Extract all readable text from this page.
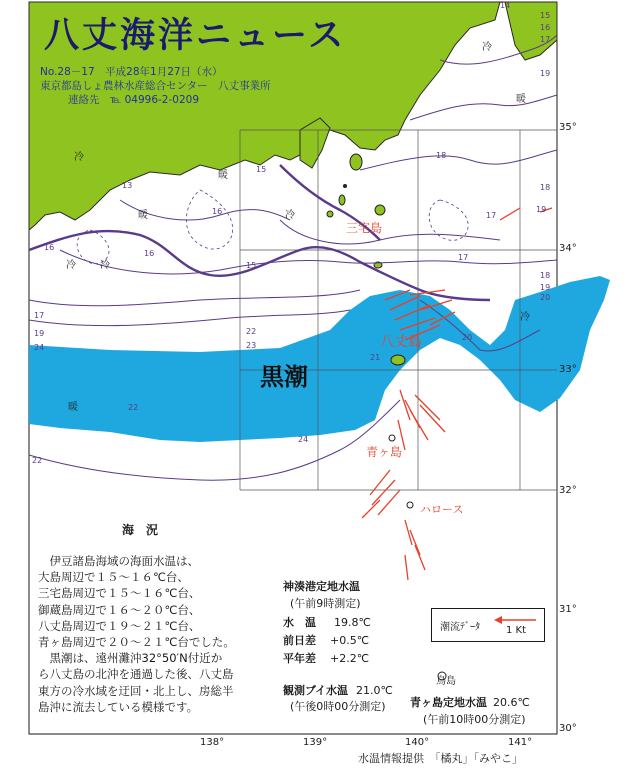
黒潮
三宅島
八丈島
青ヶ島
ハロース
鳥島
冷 冷
冷
冷
冷
冷
暖
暖
暖
暖
15
16
17
19
18
19
18
19
20
17
20
18
17
21
22
22
24
22
23
17
19
24
16
16
13
15
15
16
14
八丈海洋ニュース
No.28－17　平成28年1月27日（水）
東京都島しょ農林水産総合センター　八丈事業所
連絡先　℡ 04996-2-0209
35°
34°
33°
32°
31°
30°
138°	139°	140°	141°
海　況
　伊豆諸島海域の海面水温は、
大島周辺で１５～１６℃台、
三宅島周辺で１５～１６℃台、
御蔵島周辺で１６～２０℃台、
八丈島周辺で１９～２１℃台、
青ヶ島周辺で２０～２１℃台でした。
　黒潮は、遠州灘沖32°50′N付近か
ら八丈島の北沖を通過した後、八丈島
東方の冷水域を迂回・北上し、房総半
島沖に流去している模様です。
神湊港定地水温
(午前9時測定)
水　温 19.8℃
前日差 +0.5℃
平年差 +2.2℃
観測ブイ水温 21.0℃
(午後0時00分測定) 青ヶ島定地水温 20.6℃
(午前10時00分測定)
潮流ﾃﾞｰﾀ	1 Kt
水温情報提供　「橘丸」「みやこ」
